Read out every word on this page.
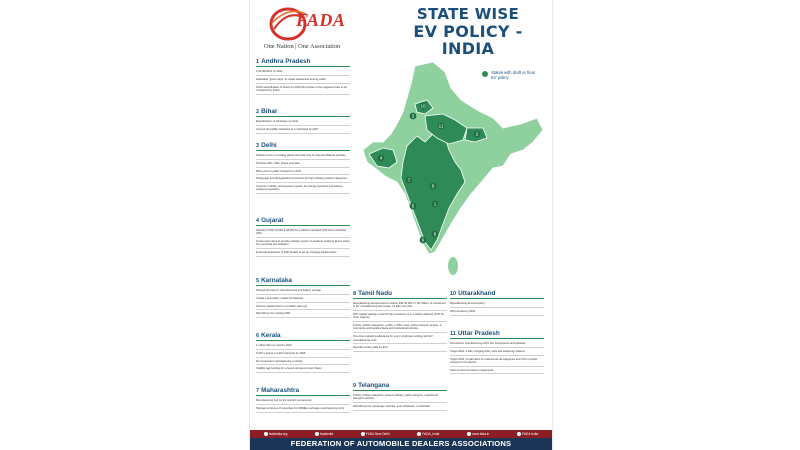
FADA
One Nation | One Association
STATE WISE
EV POLICY - INDIA
1 Andhra Pradesh
1,00,000 EVs by 2024
Dedicated "green days" to create awareness among public
100% electrification of buses by 2029 (first phase in four targeted cities to be completed by 2024)
2 Bihar
Electrification of rickshaws a priority
Convert all paddle rickshaws to e-rickshaws by 2027
3 Delhi
Pollution cess on existing diesel cars and cess of new petrol/diesel vehicles
Prioritise 2Ws, 3Ws, buses and cabs
50% e-bus in public transport by 2023
Scrappage and deregistration incentives for high-polluting vehicle categories
Common mobility card payment system for energy operators and battery-swapping operators
4 Gujarat
Subsidy of INR 12,000 & 48,000 for a battery-operated e2W and e-rickshaw (3W)
Government aims to provide subsidy support to students studying above Class 9 to purchase two-wheelers
Financial assistance of INR 10 lakh to set up charging infrastructure
5 Karnataka
Policies focused on manufacturing and battery storage
Create a secondary market for batteries
Venture capital fund for e-mobility start-ups
Retrofitment for existing 3Ws
6 Kerala
1 million EVs on road by 2022
6,000 e-buses in public transport by 2025
EV component manufacturing a priority
Viability gap funding for e-buses and government fleets
7 Maharashtra
Manufacturing hub for EV and EV components
Package schemes of incentives for MSMEs and large manufacturing units
8 Tamil Nadu
Manufacturing-focused aims to attract INR 50,000 Cr ($7 billion) of investment in EV manufacturing and create 1.5 lakh new jobs
50% capital subsidy on land if the investment is in southern districts (15% for other regions)
Priority vehicle categories: e-2Ws, e-3Ws, taxis, public transport (e-bus), e-commerce and logistics fleets and institutional vehicles
One-time marketing allowance for every employee working with EV manufacturing units
Special number plate for EVs
9 Telangana
Priority vehicle categories: shared mobility, public transport, institutional transport vehicles
Retrofitment for passenger vehicles, auto-rickshaws, e-rickshaws
10 Uttarakhand
Manufacturing-focused policy
300 e-buses by 2030
11 Uttar Pradesh
Focused on manufacturing of EV, EV components and batteries
Target 2024: 2 lakh charging (fast, slow and swapping) stations
Target 2030: 10 lakh EVs on road across all categories and 70% of public transport to be electric
Start-up and innovation programmes
10
3
11
2
4
7
9
5	1
8
6
States with draft or final EV policy
fadaindia.org	fadaindia	FADA New Delhi	FADA_India	www.fada.in	FADA India
FEDERATION OF AUTOMOBILE DEALERS ASSOCIATIONS
